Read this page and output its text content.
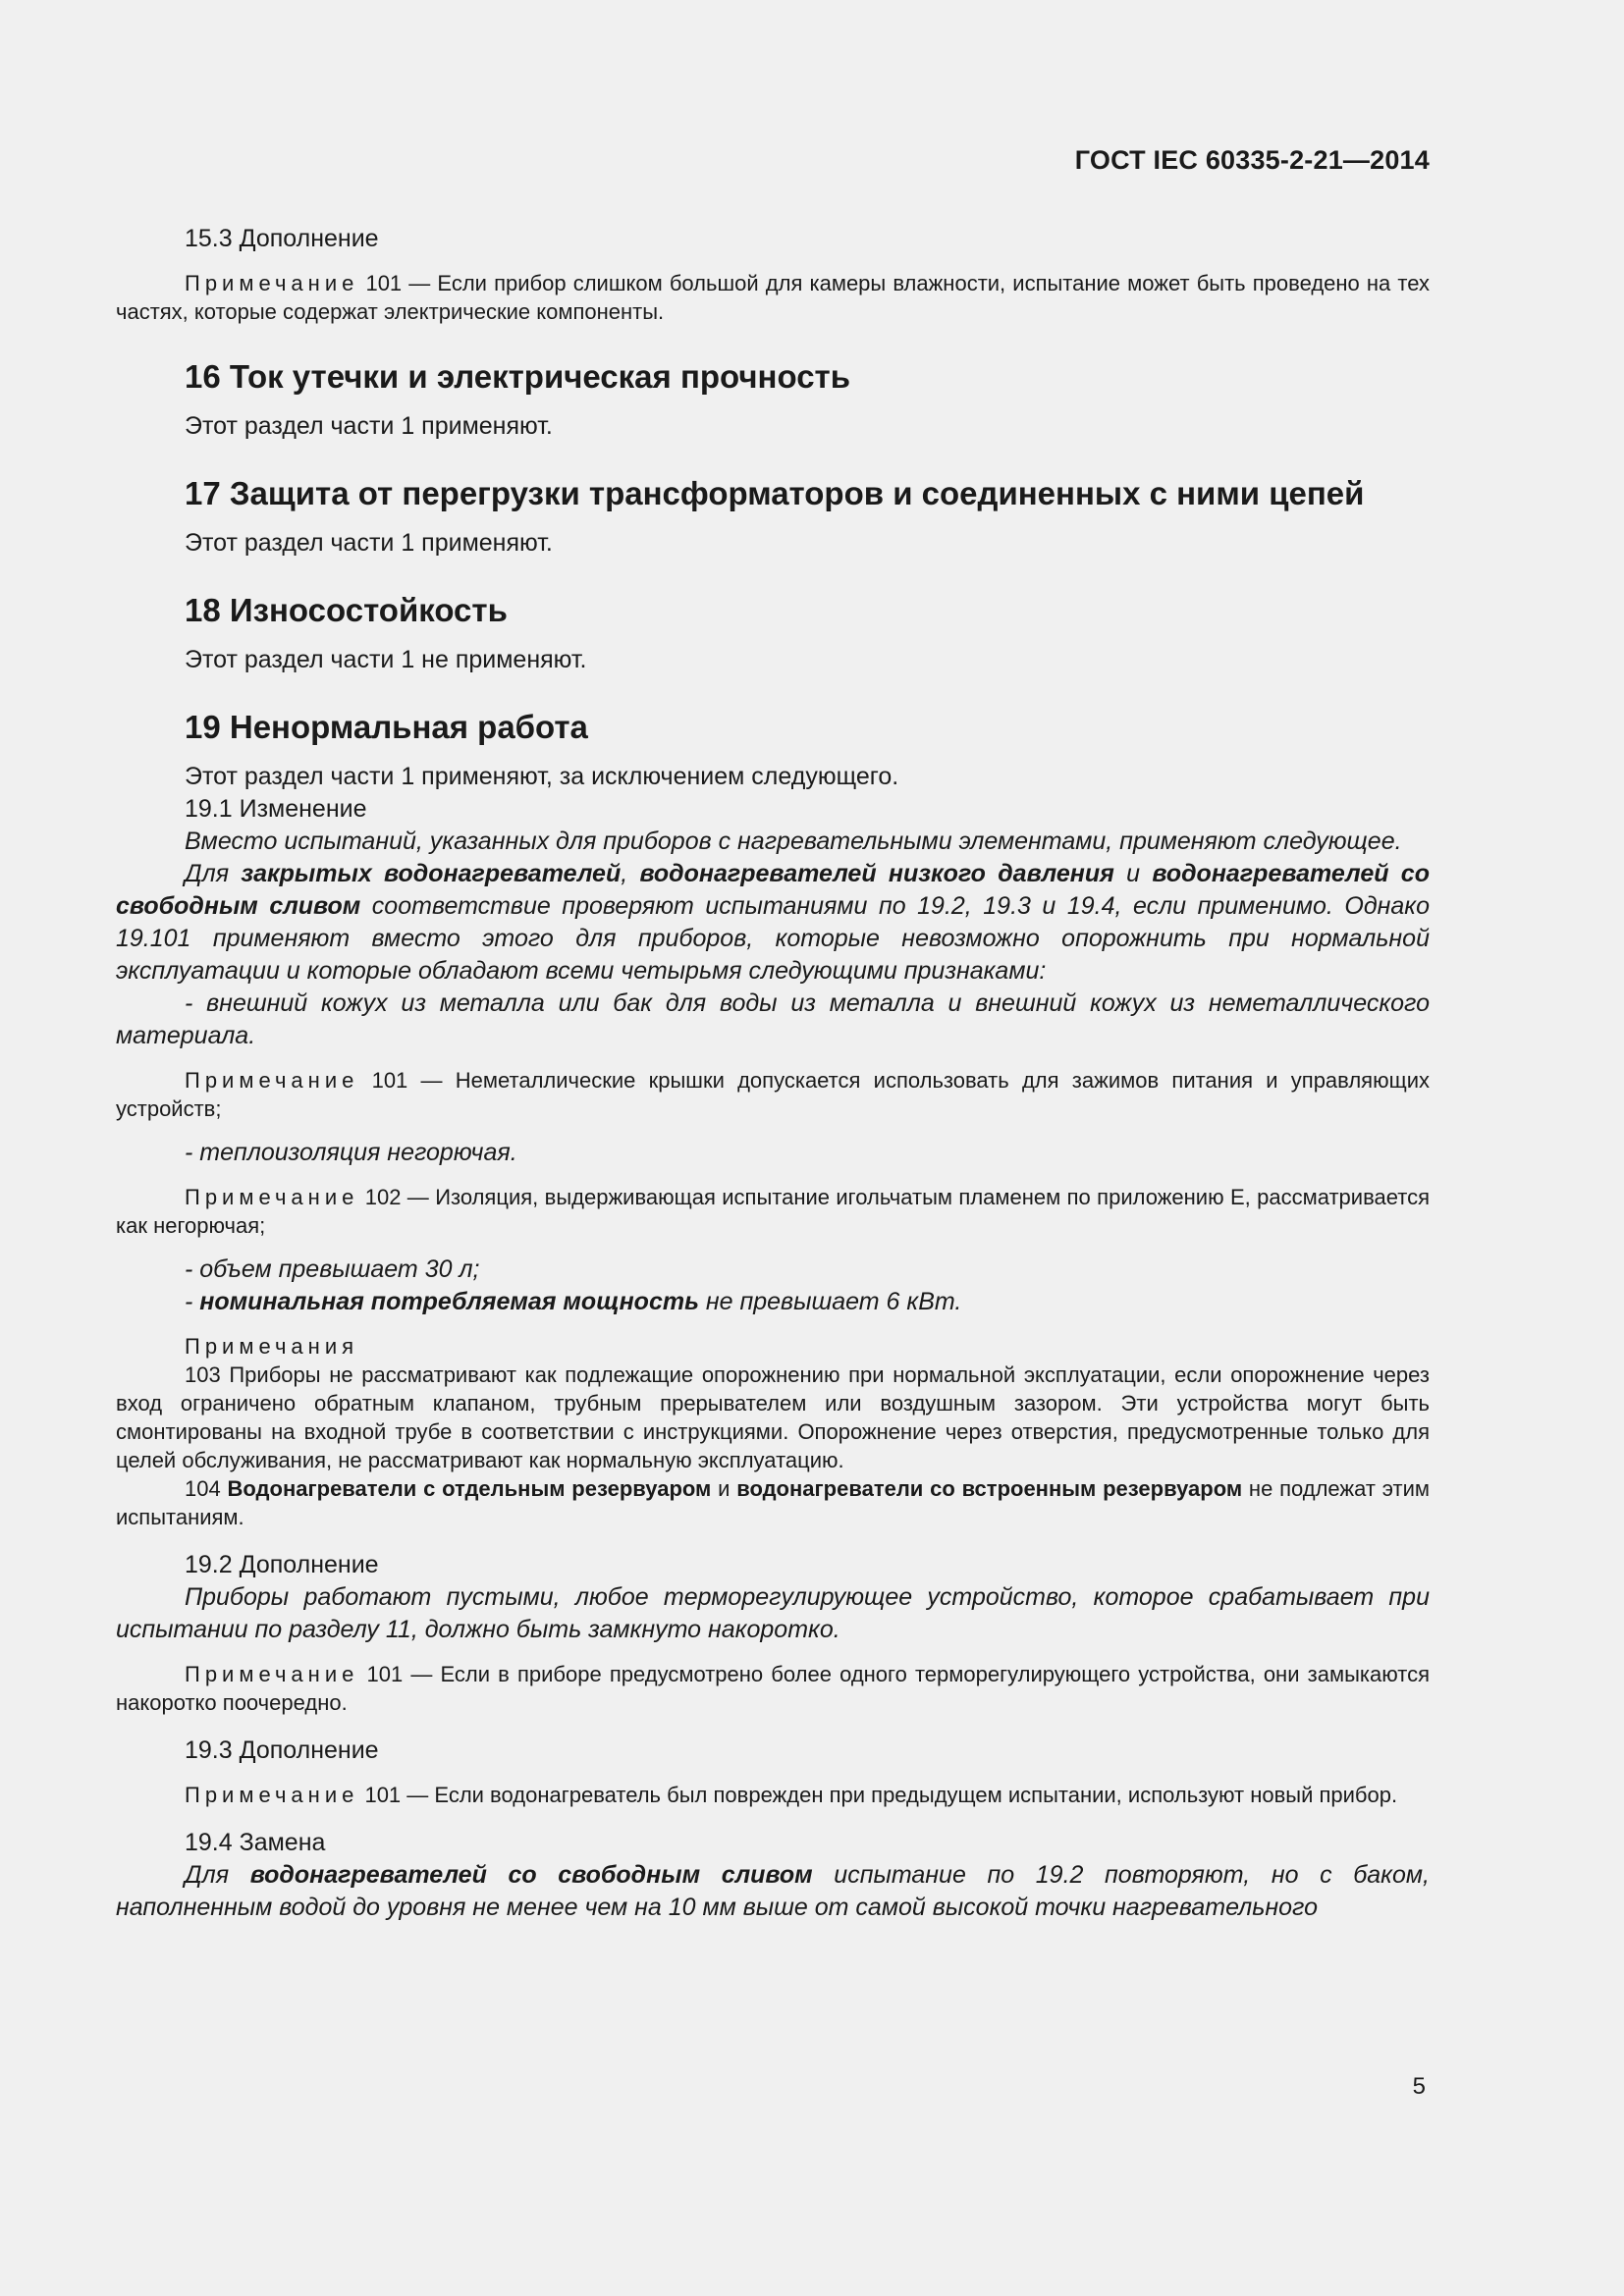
ГОСТ IEC 60335-2-21—2014

15.3 Дополнение

Примечание 101 — Если прибор слишком большой для камеры влажности, испытание может быть проведено на тех частях, которые содержат электрические компоненты.

16 Ток утечки и электрическая прочность

Этот раздел части 1 применяют.

17 Защита от перегрузки трансформаторов и соединенных с ними цепей

Этот раздел части 1 применяют.

18 Износостойкость

Этот раздел части 1 не применяют.

19 Ненормальная работа

Этот раздел части 1 применяют, за исключением следующего.

19.1 Изменение

Вместо испытаний, указанных для приборов с нагревательными элементами, применяют следующее.

Для закрытых водонагревателей, водонагревателей низкого давления и водонагревателей со свободным сливом соответствие проверяют испытаниями по 19.2, 19.3 и 19.4, если применимо. Однако 19.101 применяют вместо этого для приборов, которые невозможно опорожнить при нормальной эксплуатации и которые обладают всеми четырьмя следующими признаками:

- внешний кожух из металла или бак для воды из металла и внешний кожух из неметаллического материала.

Примечание 101 — Неметаллические крышки допускается использовать для зажимов питания и управляющих устройств;

- теплоизоляция негорючая.

Примечание 102 — Изоляция, выдерживающая испытание игольчатым пламенем по приложению E, рассматривается как негорючая;

- объем превышает 30 л;

- номинальная потребляемая мощность не превышает 6 кВт.

Примечания

103 Приборы не рассматривают как подлежащие опорожнению при нормальной эксплуатации, если опорожнение через вход ограничено обратным клапаном, трубным прерывателем или воздушным зазором. Эти устройства могут быть смонтированы на входной трубе в соответствии с инструкциями. Опорожнение через отверстия, предусмотренные только для целей обслуживания, не рассматривают как нормальную эксплуатацию.

104 Водонагреватели с отдельным резервуаром и водонагреватели со встроенным резервуаром не подлежат этим испытаниям.

19.2 Дополнение

Приборы работают пустыми, любое терморегулирующее устройство, которое срабатывает при испытании по разделу 11, должно быть замкнуто накоротко.

Примечание 101 — Если в приборе предусмотрено более одного терморегулирующего устройства, они замыкаются накоротко поочередно.

19.3 Дополнение

Примечание 101 — Если водонагреватель был поврежден при предыдущем испытании, используют новый прибор.

19.4 Замена

Для водонагревателей со свободным сливом испытание по 19.2 повторяют, но с баком, наполненным водой до уровня не менее чем на 10 мм выше от самой высокой точки нагревательного

5
